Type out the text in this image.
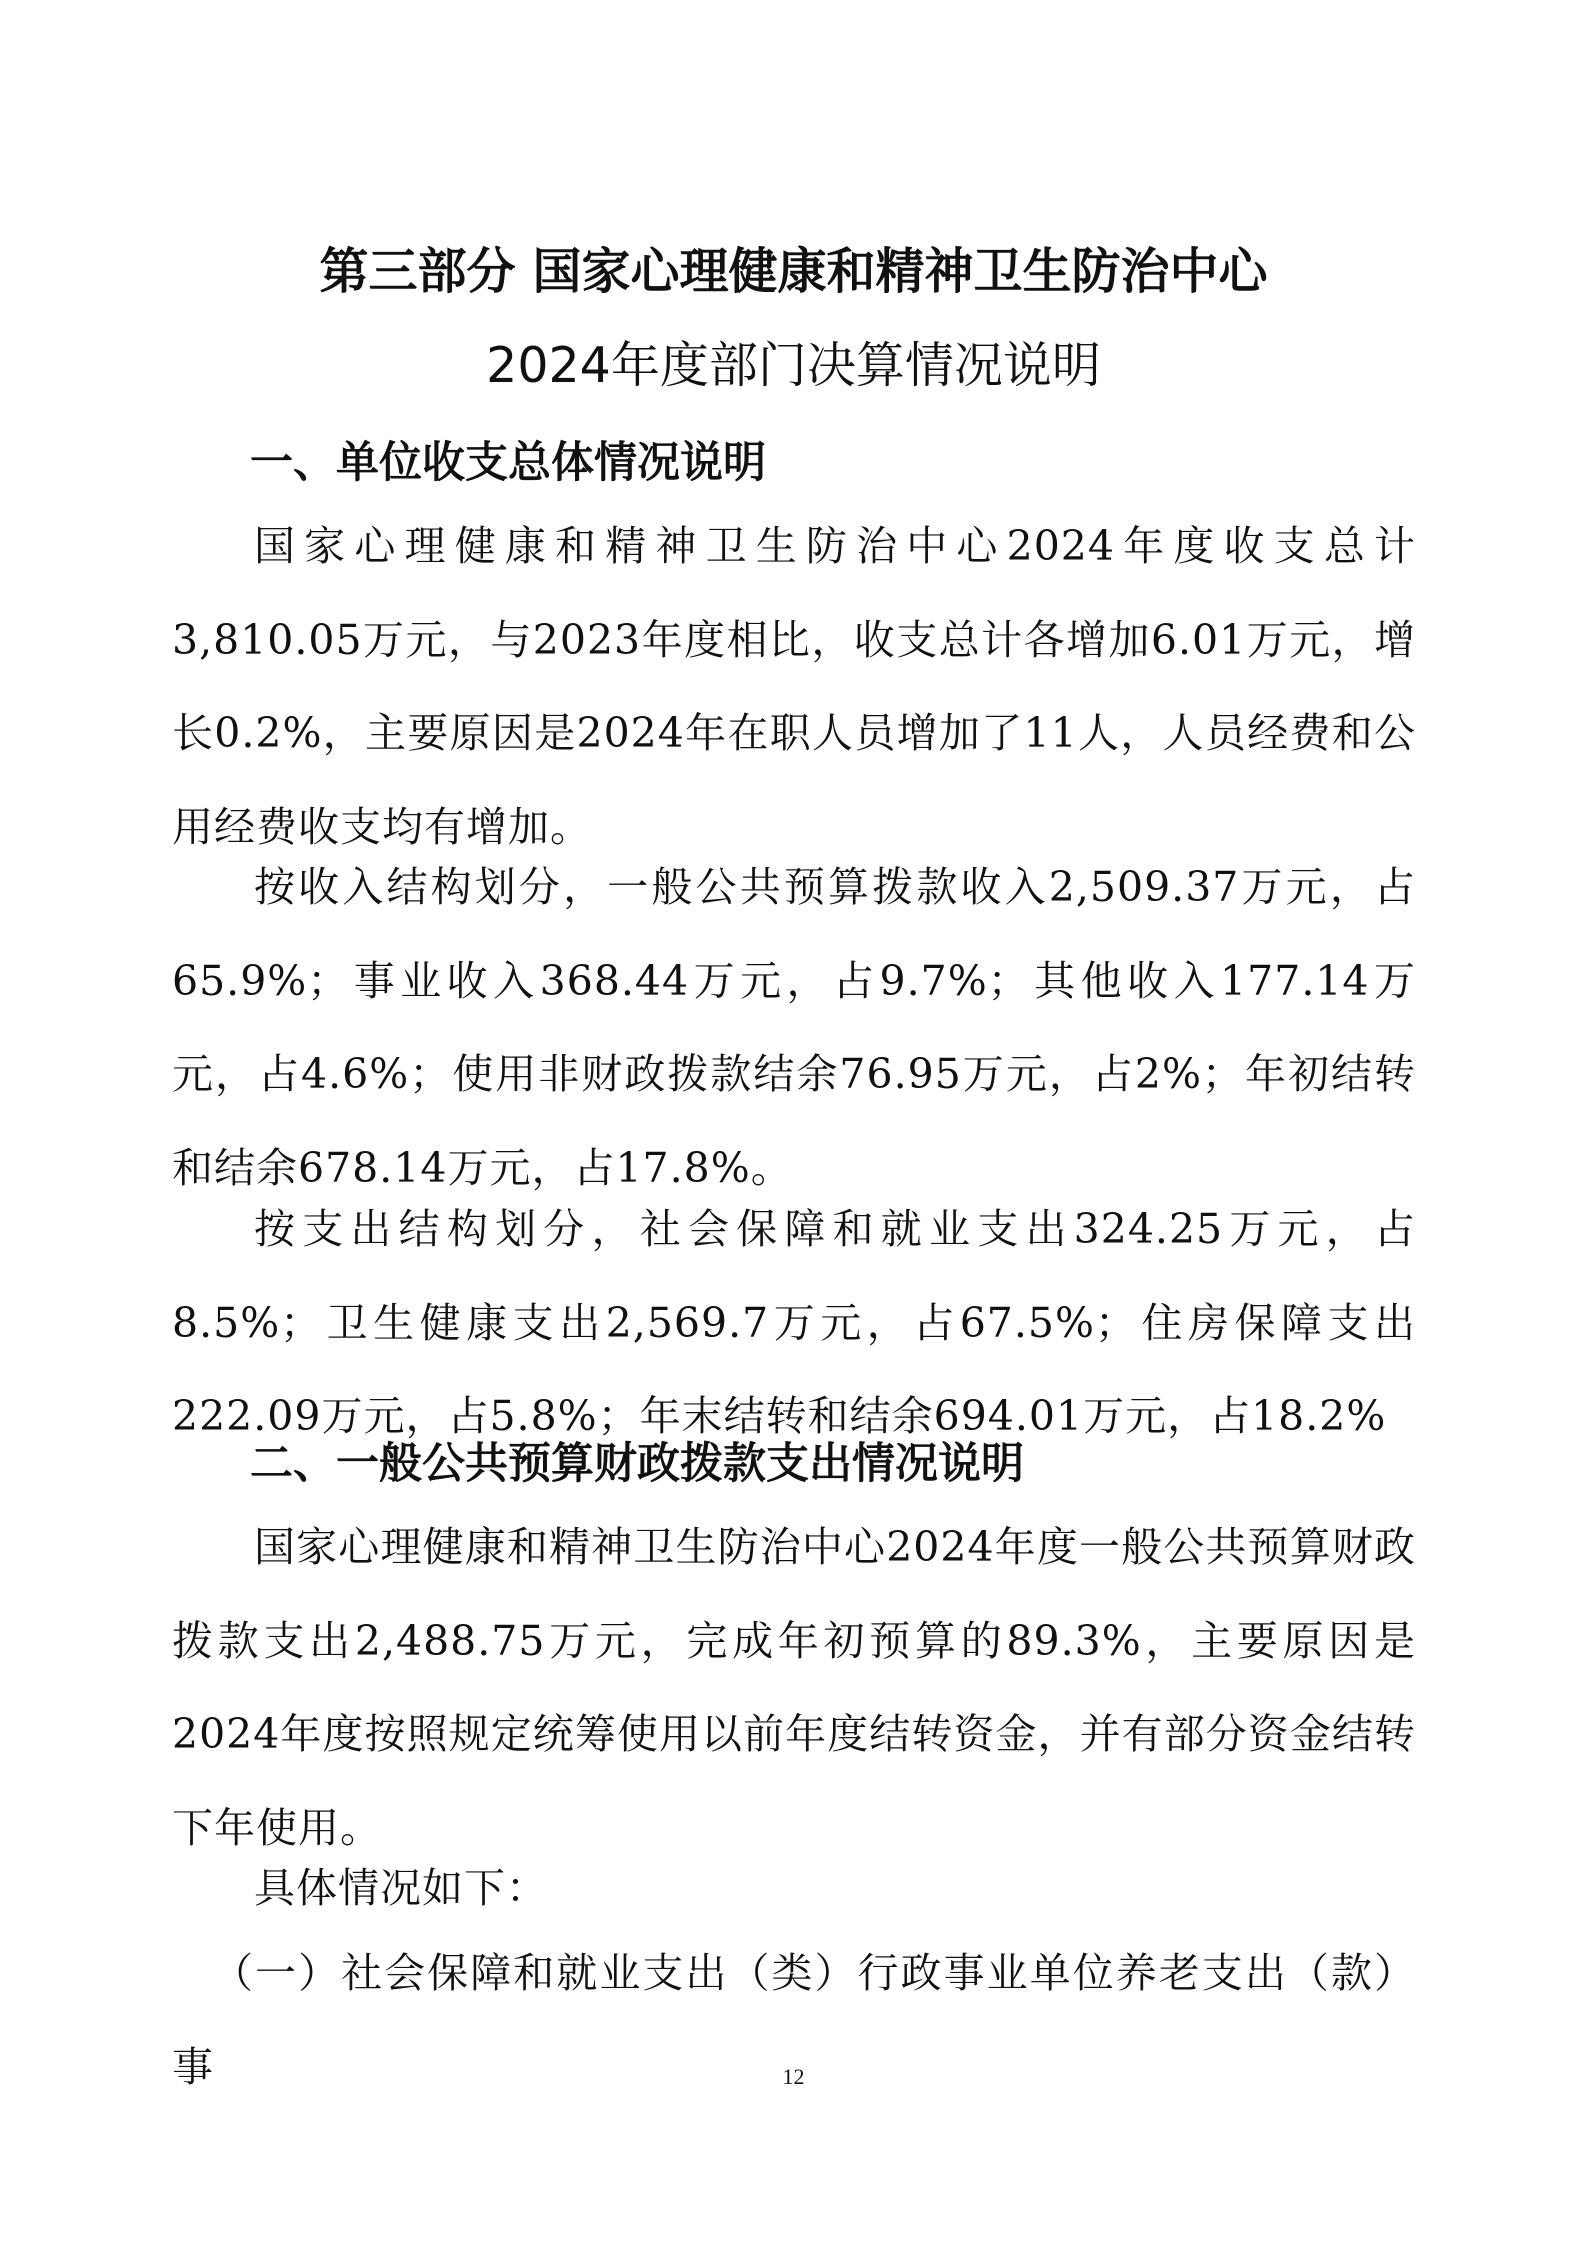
第三部分 国家心理健康和精神卫生防治中心
2024年度部门决算情况说明
一、单位收支总体情况说明
国家心理健康和精神卫生防治中心2024年度收支总计3,810.05万元，与2023年度相比，收支总计各增加6.01万元，增长0.2%，主要原因是2024年在职人员增加了11人，人员经费和公用经费收支均有增加。
按收入结构划分，一般公共预算拨款收入2,509.37万元，占65.9%；事业收入368.44万元，占9.7%；其他收入177.14万元，占4.6%；使用非财政拨款结余76.95万元，占2%；年初结转和结余678.14万元，占17.8%。
按支出结构划分，社会保障和就业支出324.25万元，占8.5%；卫生健康支出2,569.7万元，占67.5%；住房保障支出222.09万元，占5.8%；年末结转和结余694.01万元，占18.2%
二、一般公共预算财政拨款支出情况说明
国家心理健康和精神卫生防治中心2024年度一般公共预算财政拨款支出2,488.75万元，完成年初预算的89.3%，主要原因是2024年度按照规定统筹使用以前年度结转资金，并有部分资金结转下年使用。
具体情况如下：
（一）社会保障和就业支出（类）行政事业单位养老支出（款）事	12
